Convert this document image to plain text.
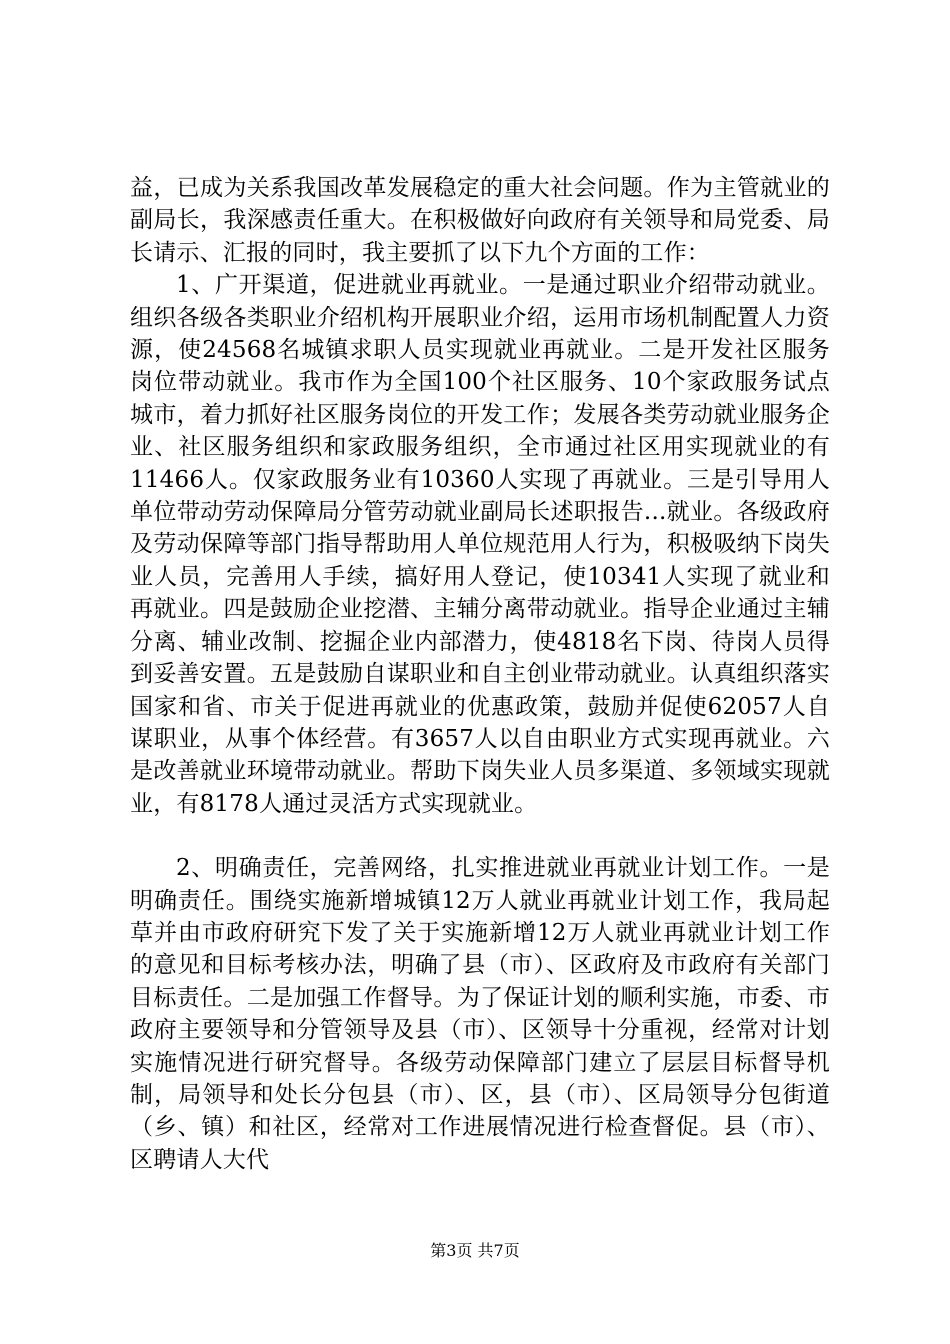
益，已成为关系我国改革发展稳定的重大社会问题。作为主管就业的副局长，我深感责任重大。在积极做好向政府有关领导和局党委、局长请示、汇报的同时，我主要抓了以下九个方面的工作：

1、广开渠道，促进就业再就业。一是通过职业介绍带动就业。组织各级各类职业介绍机构开展职业介绍，运用市场机制配置人力资源，使24568名城镇求职人员实现就业再就业。二是开发社区服务岗位带动就业。我市作为全国100个社区服务、10个家政服务试点城市，着力抓好社区服务岗位的开发工作；发展各类劳动就业服务企业、社区服务组织和家政服务组织，全市通过社区用实现就业的有11466人。仅家政服务业有10360人实现了再就业。三是引导用人单位带动劳动保障局分管劳动就业副局长述职报告...就业。各级政府及劳动保障等部门指导帮助用人单位规范用人行为，积极吸纳下岗失业人员，完善用人手续，搞好用人登记，使10341人实现了就业和再就业。四是鼓励企业挖潜、主辅分离带动就业。指导企业通过主辅分离、辅业改制、挖掘企业内部潜力，使4818名下岗、待岗人员得到妥善安置。五是鼓励自谋职业和自主创业带动就业。认真组织落实国家和省、市关于促进再就业的优惠政策，鼓励并促使62057人自谋职业，从事个体经营。有3657人以自由职业方式实现再就业。六是改善就业环境带动就业。帮助下岗失业人员多渠道、多领域实现就业，有8178人通过灵活方式实现就业。

2、明确责任，完善网络，扎实推进就业再就业计划工作。一是明确责任。围绕实施新增城镇12万人就业再就业计划工作，我局起草并由市政府研究下发了关于实施新增12万人就业再就业计划工作的意见和目标考核办法，明确了县（市）、区政府及市政府有关部门目标责任。二是加强工作督导。为了保证计划的顺利实施，市委、市政府主要领导和分管领导及县（市）、区领导十分重视，经常对计划实施情况进行研究督导。各级劳动保障部门建立了层层目标督导机制，局领导和处长分包县（市）、区，县（市）、区局领导分包街道（乡、镇）和社区，经常对工作进展情况进行检查督促。县（市）、区聘请人大代

第3页 共7页
